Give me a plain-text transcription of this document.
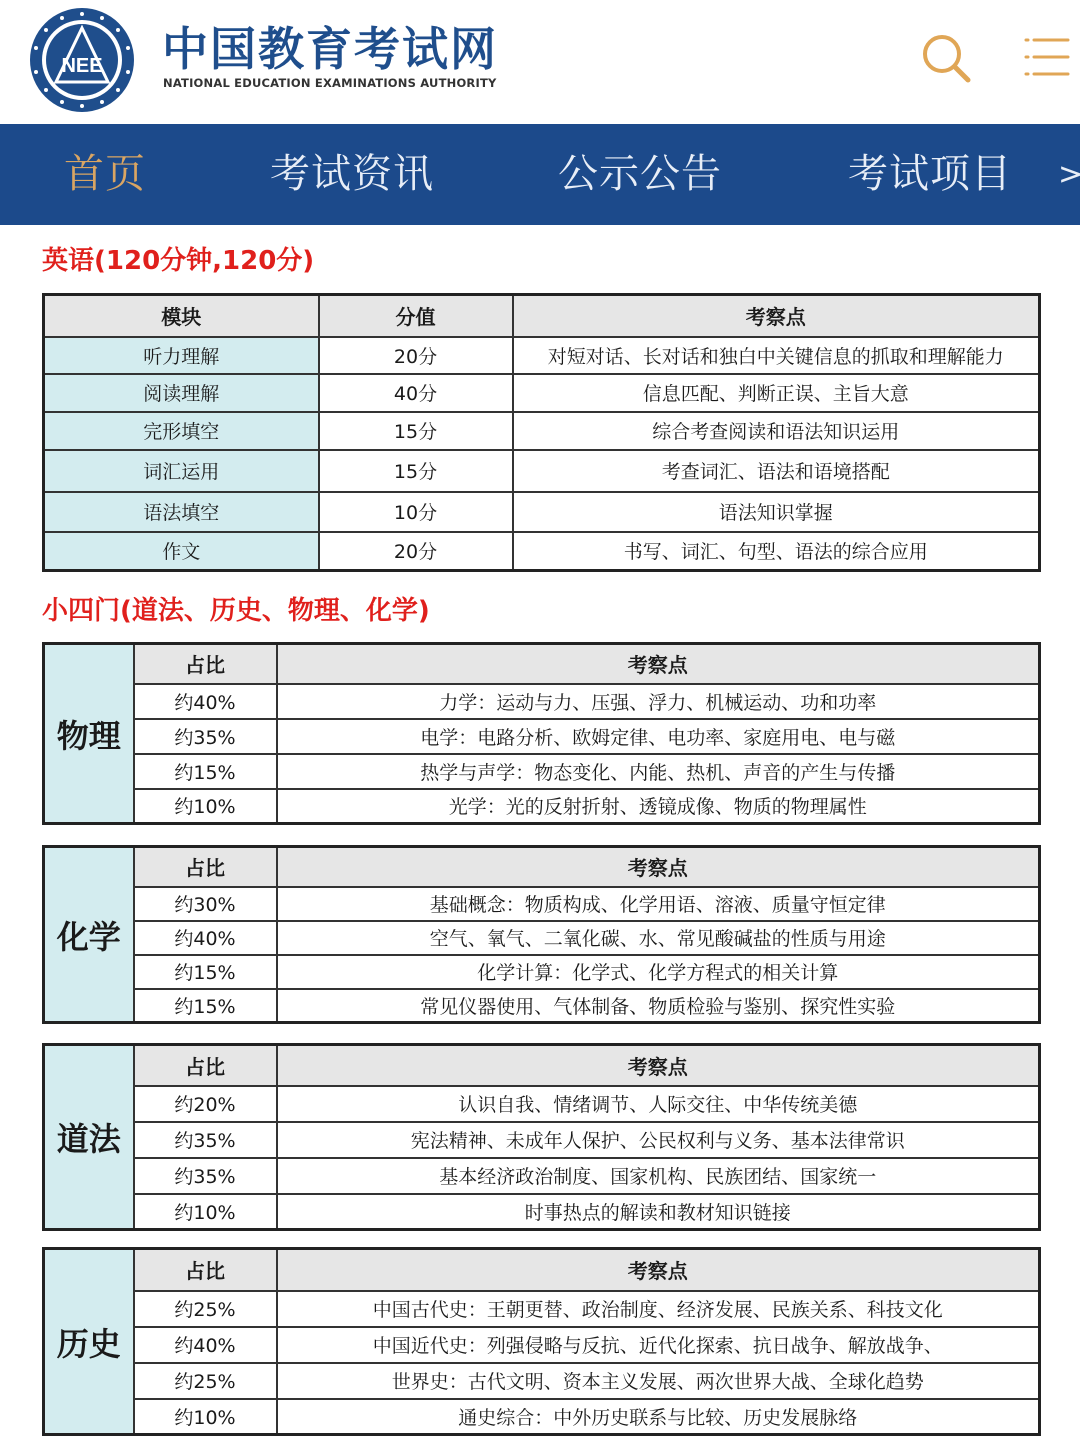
NEE 中国教育考试网
NATIONAL EDUCATION EXAMINATIONS AUTHORITY
首页	考试资讯	公示公告	考试项目 >
英语(120分钟,120分)
模块	分值	考察点
听力理解	20分	对短对话、长对话和独白中关键信息的抓取和理解能力
阅读理解	40分	信息匹配、判断正误、主旨大意
完形填空	15分	综合考查阅读和语法知识运用
词汇运用	15分	考查词汇、语法和语境搭配
语法填空	10分	语法知识掌握
作文	20分	书写、词汇、句型、语法的综合应用
小四门(道法、历史、物理、化学)
物理	占比	考察点
	约40%	力学：运动与力、压强、浮力、机械运动、功和功率
	约35%	电学：电路分析、欧姆定律、电功率、家庭用电、电与磁
	约15%	热学与声学：物态变化、内能、热机、声音的产生与传播
	约10%	光学：光的反射折射、透镜成像、物质的物理属性
化学	占比	考察点
	约30%	基础概念：物质构成、化学用语、溶液、质量守恒定律
	约40%	空气、氧气、二氧化碳、水、常见酸碱盐的性质与用途
	约15%	化学计算：化学式、化学方程式的相关计算
	约15%	常见仪器使用、气体制备、物质检验与鉴别、探究性实验
道法	占比	考察点
	约20%	认识自我、情绪调节、人际交往、中华传统美德
	约35%	宪法精神、未成年人保护、公民权利与义务、基本法律常识
	约35%	基本经济政治制度、国家机构、民族团结、国家统一
	约10%	时事热点的解读和教材知识链接
历史	占比	考察点
	约25%	中国古代史：王朝更替、政治制度、经济发展、民族关系、科技文化
	约40%	中国近代史：列强侵略与反抗、近代化探索、抗日战争、解放战争、
	约25%	世界史：古代文明、资本主义发展、两次世界大战、全球化趋势
	约10%	通史综合：中外历史联系与比较、历史发展脉络
